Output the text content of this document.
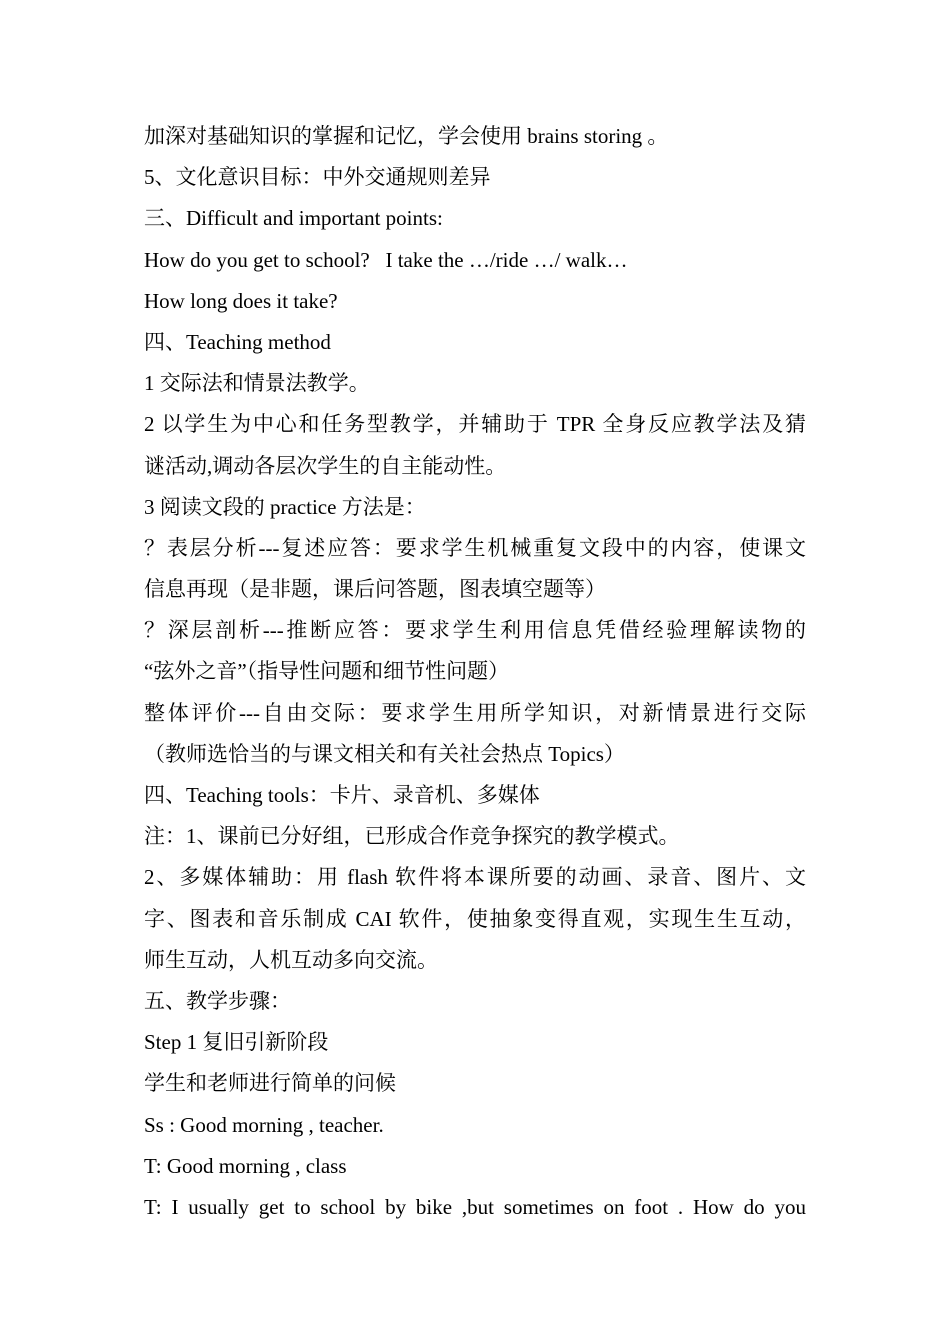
加深对基础知识的掌握和记忆，学会使用 brains storing 。
5、文化意识目标：中外交通规则差异
三、Difficult and important points:
How do you get to school?   I take the …/ride …/ walk…
How long does it take?
四、Teaching method
1 交际法和情景法教学。
2 以学生为中心和任务型教学，并辅助于 TPR 全身反应教学法及猜
谜活动,调动各层次学生的自主能动性。
3 阅读文段的 practice 方法是：
？表层分析---复述应答：要求学生机械重复文段中的内容，使课文
信息再现（是非题，课后问答题，图表填空题等）
？深层剖析---推断应答：要求学生利用信息凭借经验理解读物的
“弦外之音”（指导性问题和细节性问题）
整体评价---自由交际：要求学生用所学知识，对新情景进行交际
（教师选恰当的与课文相关和有关社会热点 Topics）
四、Teaching tools：卡片、录音机、多媒体
注：1、课前已分好组，已形成合作竞争探究的教学模式。
2、多媒体辅助：用 flash 软件将本课所要的动画、录音、图片、文
字、图表和音乐制成 CAI 软件，使抽象变得直观，实现生生互动，
师生互动，人机互动多向交流。
五、教学步骤：
Step 1 复旧引新阶段
学生和老师进行简单的问候
Ss : Good morning , teacher.
T: Good morning , class
T: I usually get to school by bike ,but sometimes on foot . How do you
